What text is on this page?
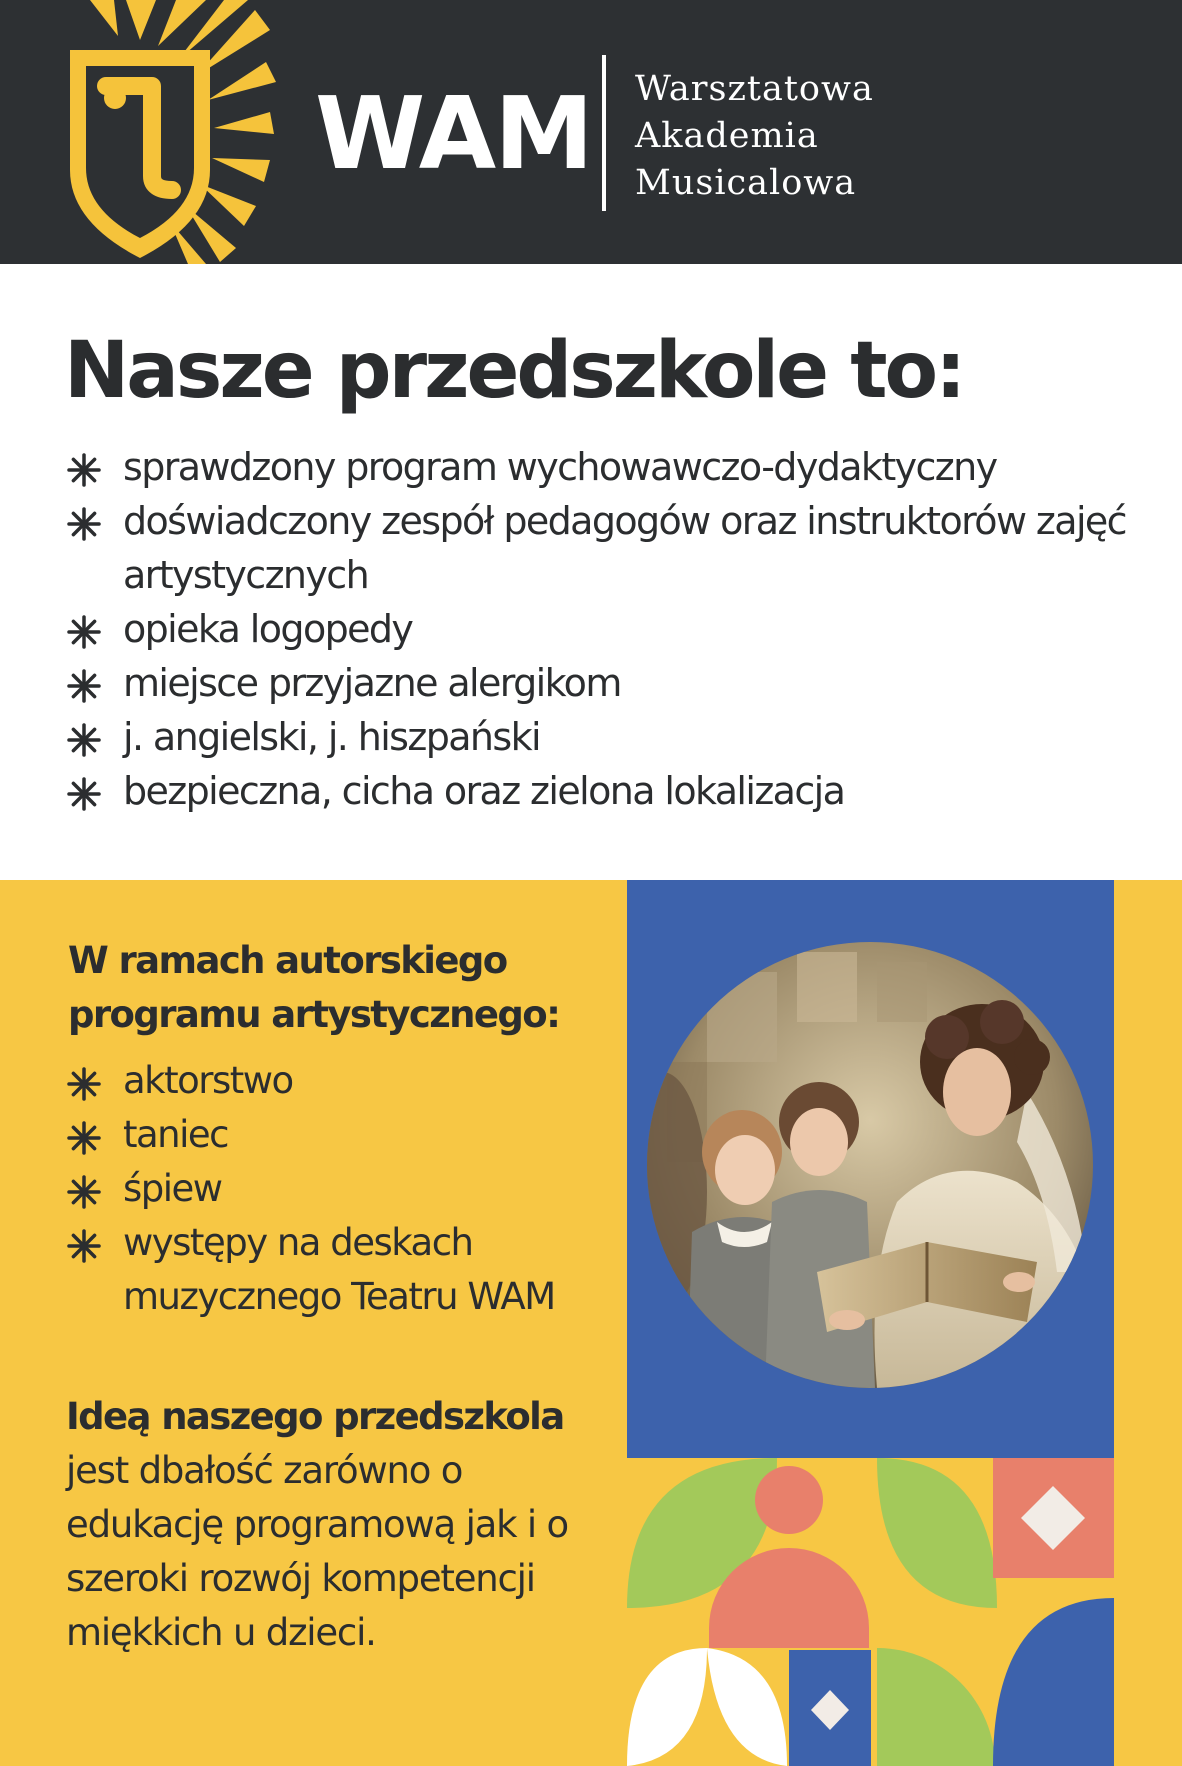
WAM Warsztatowa
Akademia
Musicalowa
Nasze przedszkole to:
sprawdzony program wychowawczo-dydaktyczny
doświadczony zespół pedagogów oraz instruktorów zajęć artystycznych
opieka logopedy
miejsce przyjazne alergikom
j. angielski, j. hiszpański
bezpieczna, cicha oraz zielona lokalizacja
W ramach autorskiego programu artystycznego:
aktorstwo
taniec
śpiew
występy na deskach muzycznego Teatru WAM

Ideą naszego przedszkola jest dbałość zarówno o edukację programową jak i o szeroki rozwój kompetencji miękkich u dzieci.
